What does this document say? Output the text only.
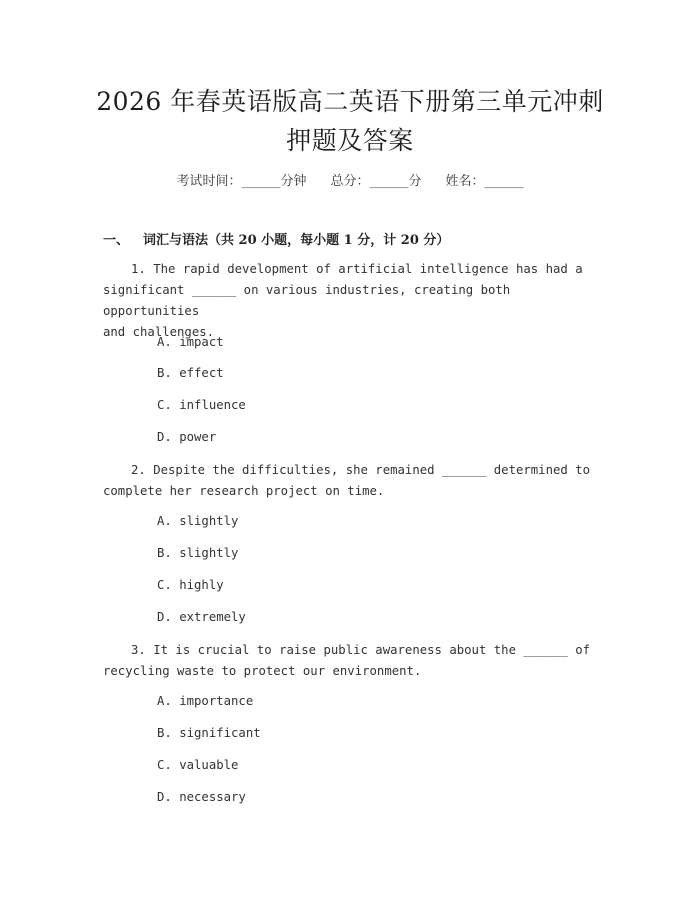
2026 年春英语版高二英语下册第三单元冲刺
押题及答案
考试时间：______分钟 总分：______分 姓名：______
一、 词汇与语法（共 20 小题，每小题 1 分，计 20 分）
1. The rapid development of artificial intelligence has had a
significant ______ on various industries, creating both opportunities
and challenges.
A. impact
B. effect
C. influence
D. power
2. Despite the difficulties, she remained ______ determined to
complete her research project on time.
A. slightly
B. slightly
C. highly
D. extremely
3. It is crucial to raise public awareness about the ______ of
recycling waste to protect our environment.
A. importance
B. significant
C. valuable
D. necessary
